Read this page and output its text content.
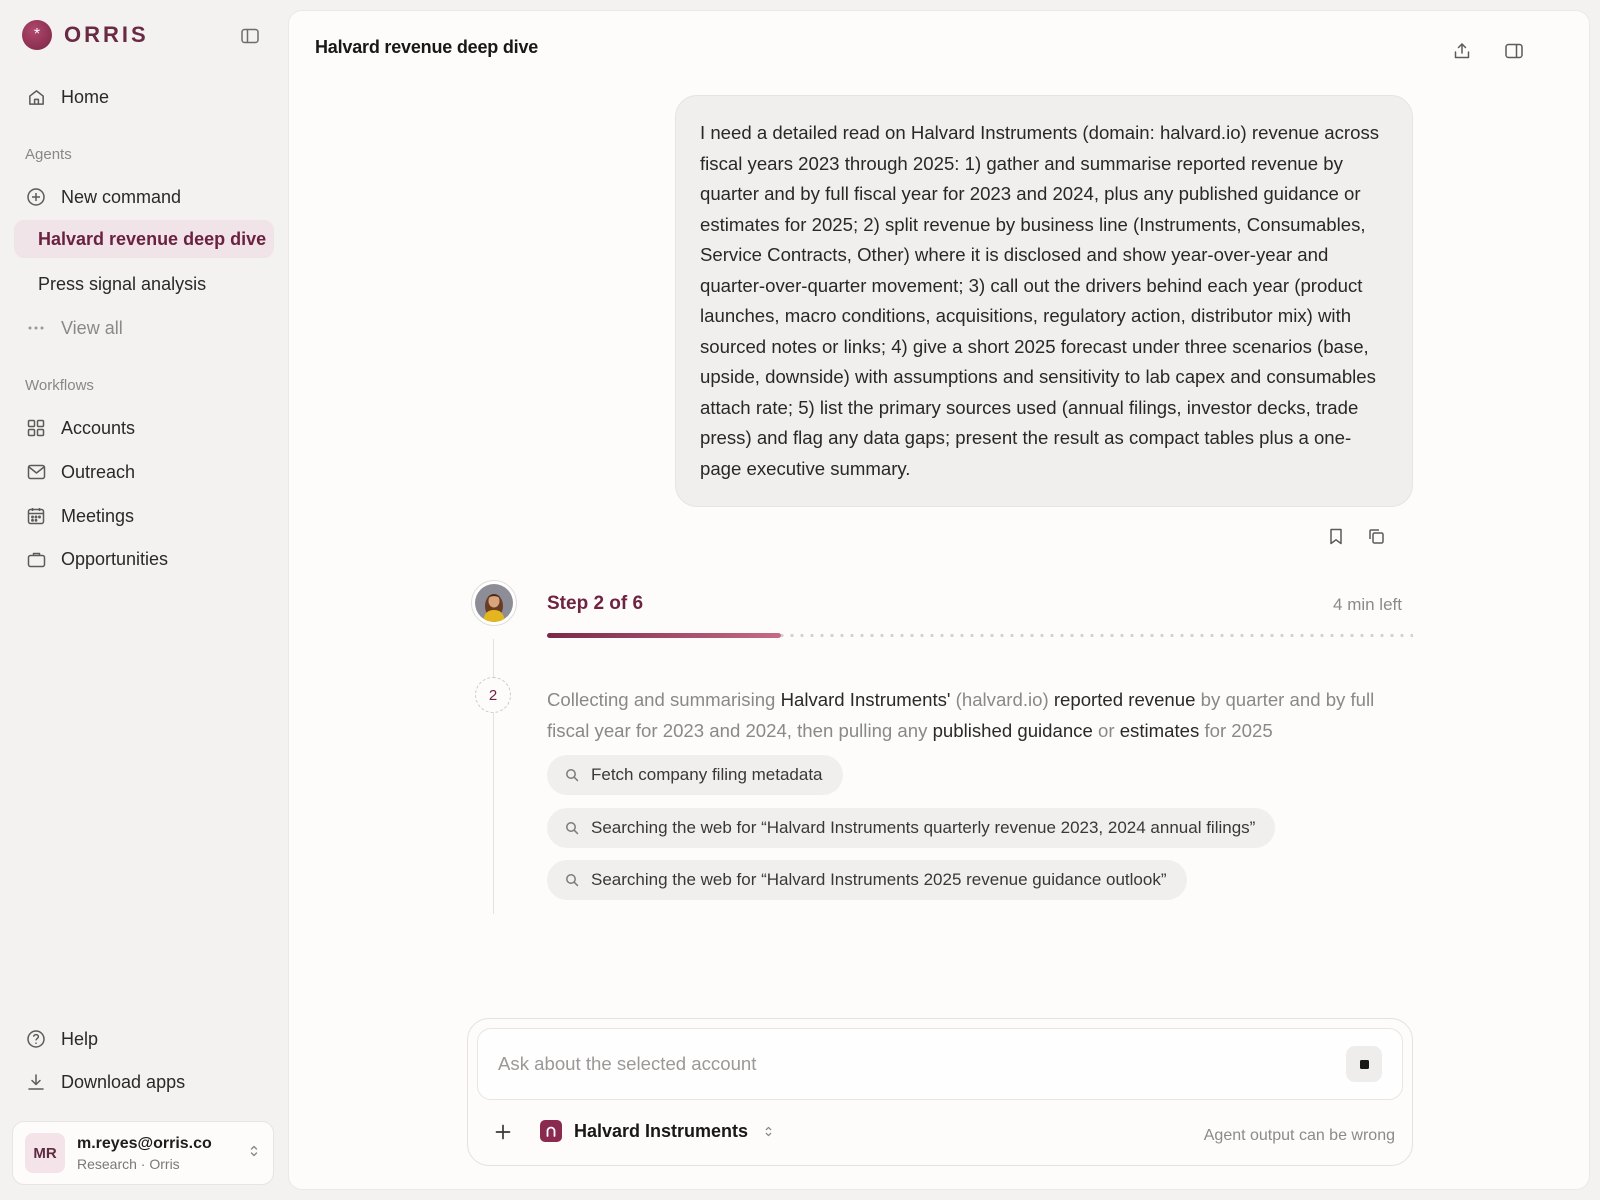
*	ORRIS
Home
Agents
New command
Halvard revenue deep dive
Press signal analysis
View all
Workflows
Accounts
Outreach
Meetings
Opportunities
Help
Download apps
MR
m.reyes@orris.co
Research · Orris
Halvard revenue deep dive
I need a detailed read on Halvard Instruments (domain: halvard.io) revenue across fiscal years 2023 through 2025: 1) gather and summarise reported revenue by quarter and by full fiscal year for 2023 and 2024, plus any published guidance or estimates for 2025; 2) split revenue by business line (Instruments, Consumables, Service Contracts, Other) where it is disclosed and show year-over-year and quarter-over-quarter movement; 3) call out the drivers behind each year (product launches, macro conditions, acquisitions, regulatory action, distributor mix) with sourced notes or links; 4) give a short 2025 forecast under three scenarios (base, upside, downside) with assumptions and sensitivity to lab capex and consumables attach rate; 5) list the primary sources used (annual filings, investor decks, trade press) and flag any data gaps; present the result as compact tables plus a one-page executive summary.
Step 2 of 6	4 min left
2	Collecting and summarising Halvard Instruments' (halvard.io) reported revenue by quarter and by full fiscal year for 2023 and 2024, then pulling any published guidance or estimates for 2025

Fetch company filing metadata
Searching the web for “Halvard Instruments quarterly revenue 2023, 2024 annual filings”
Searching the web for “Halvard Instruments 2025 revenue guidance outlook”
Ask about the selected account
Halvard Instruments	Agent output can be wrong
